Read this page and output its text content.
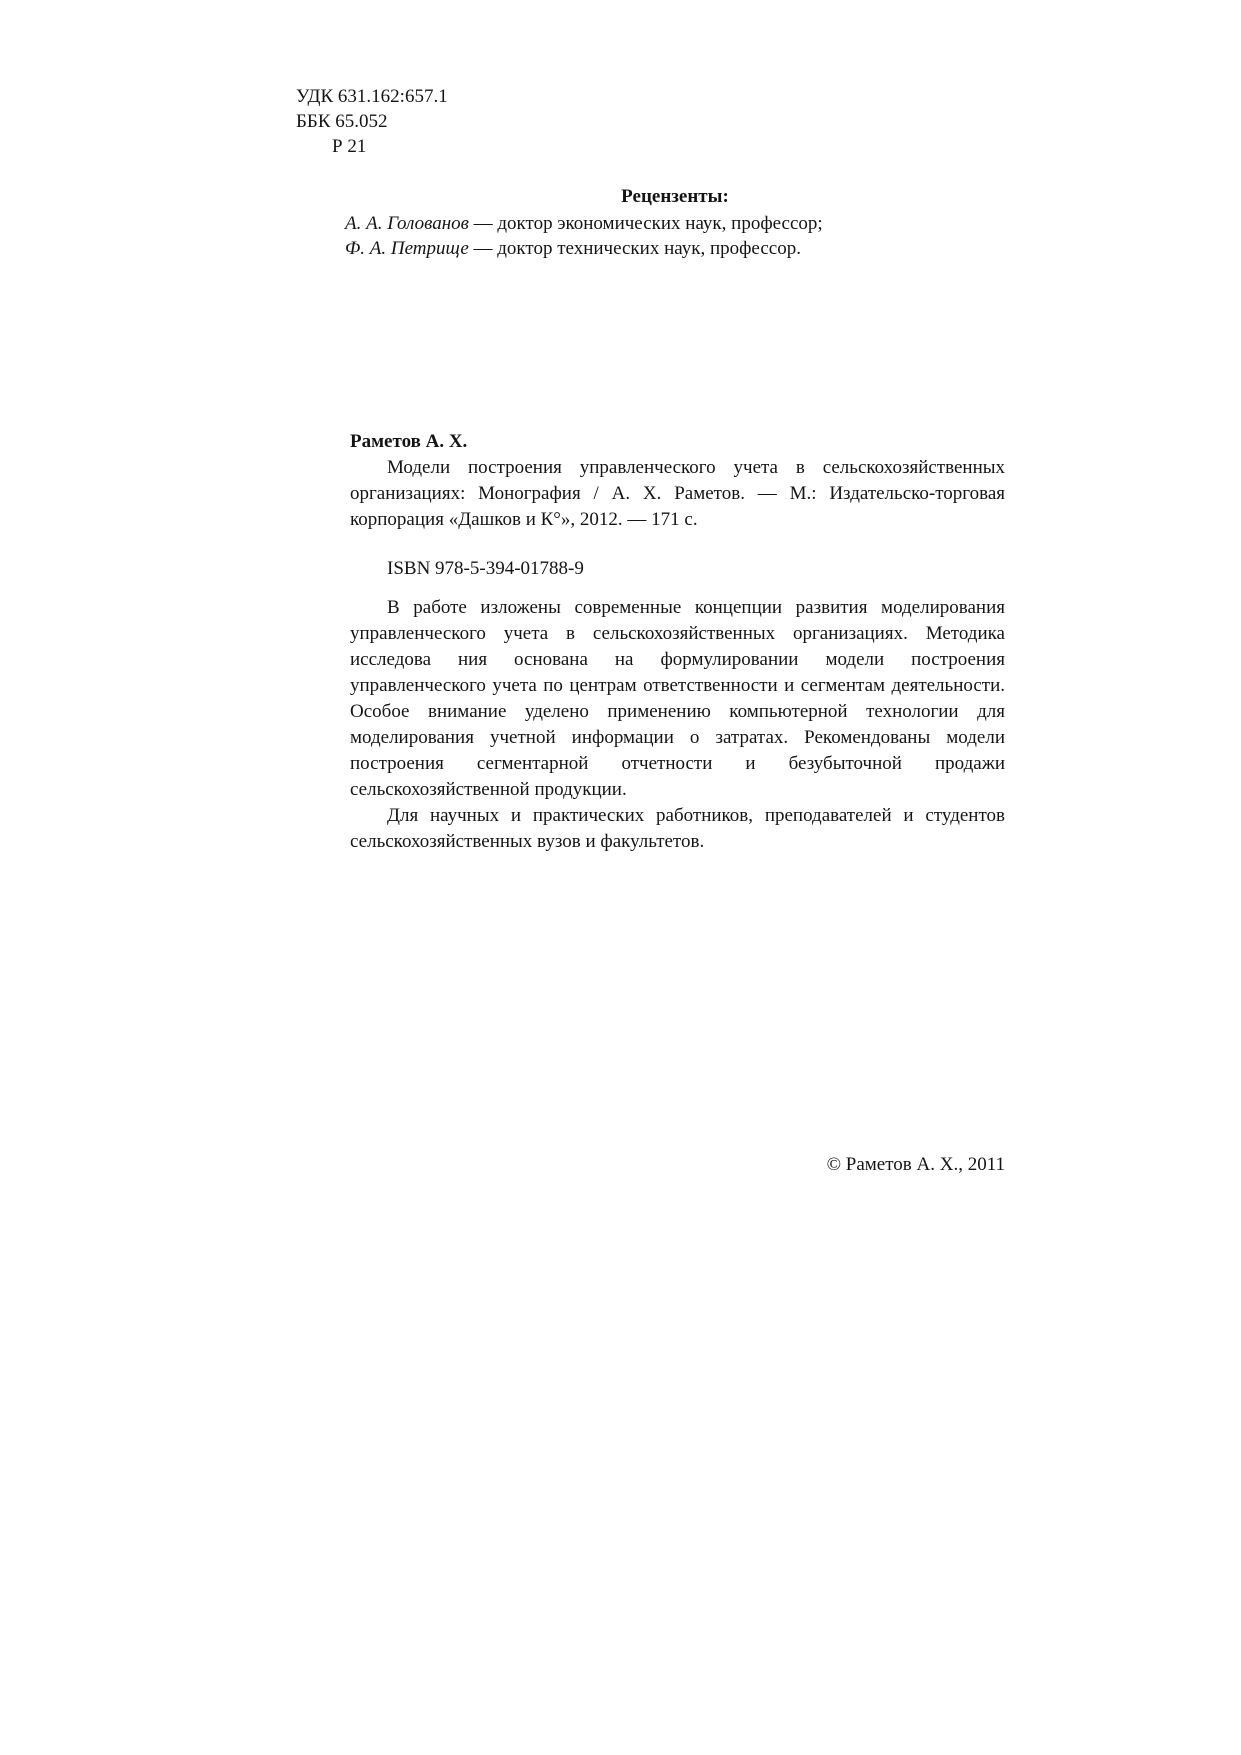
УДК 631.162:657.1
ББК 65.052
Р 21
Рецензенты:
А. А. Голованов — доктор экономических наук, профессор;
Ф. А. Петрище — доктор технических наук, профессор.
Раметов А. Х.

Модели построения управленческого учета в сельскохозяйственных организациях: Монография / А. Х. Раметов. — М.: Издательско-торговая корпорация «Дашков и К°», 2012. — 171 с.

ISBN 978-5-394-01788-9

В работе изложены современные концепции развития моделирования управленческого учета в сельскохозяйственных организациях. Методика исследова ния основана на формулировании модели построения управленческого учета по центрам ответственности и сегментам деятельности. Особое внимание уделено применению компьютерной технологии для моделирования учетной информации о затратах. Рекомендованы модели построения сегментарной отчетности и безубыточной продажи сельскохозяйственной продукции.

Для научных и практических работников, преподавателей и студентов сельскохозяйственных вузов и факультетов.

© Раметов А. Х., 2011
